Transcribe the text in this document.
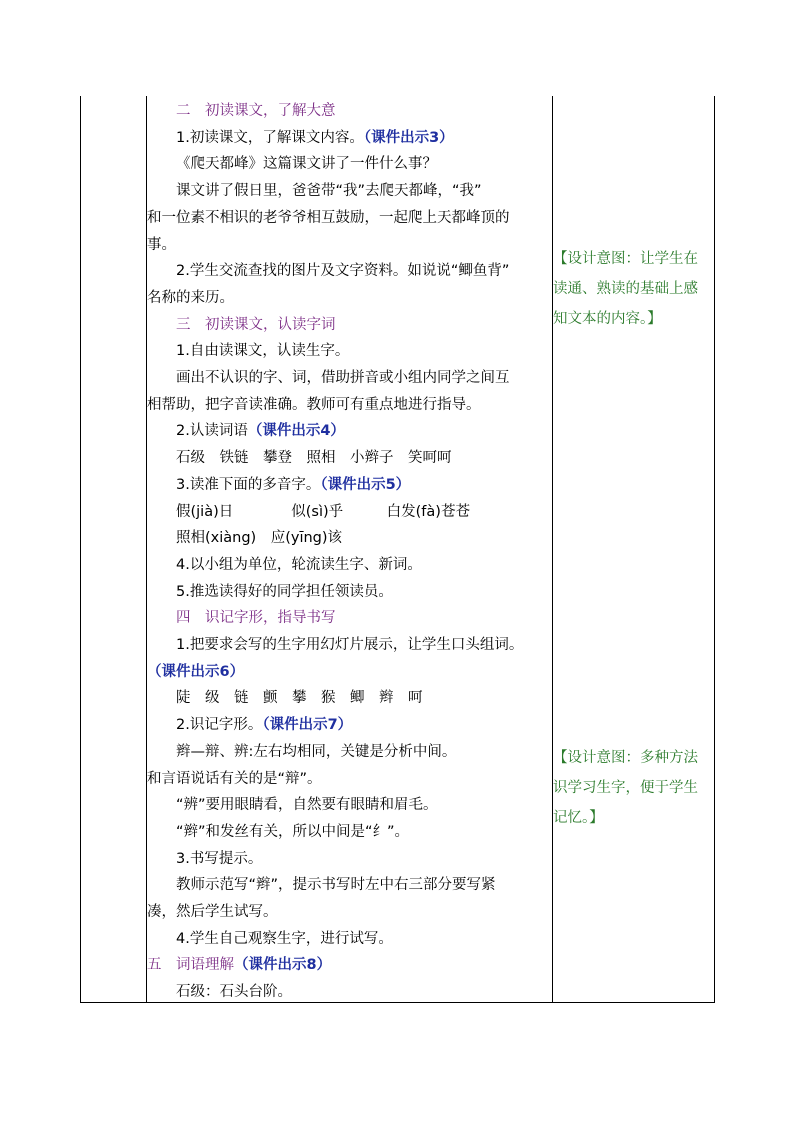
二　初读课文，了解大意
1.初读课文，了解课文内容。（课件出示3）
《爬天都峰》这篇课文讲了一件什么事？
课文讲了假日里，爸爸带“我”去爬天都峰，“我”
和一位素不相识的老爷爷相互鼓励，一起爬上天都峰顶的
事。
2.学生交流查找的图片及文字资料。如说说“鲫鱼背”
名称的来历。
三　初读课文，认读字词
1.自由读课文，认读生字。
画出不认识的字、词，借助拼音或小组内同学之间互
相帮助，把字音读准确。教师可有重点地进行指导。
2.认读词语（课件出示4）
石级　铁链　攀登　照相　小辫子　笑呵呵
3.读准下面的多音字。（课件出示5）
假(jià)日　　　　似(sì)乎　　　白发(fà)苍苍
照相(xiàng)　应(yīng)该
4.以小组为单位，轮流读生字、新词。
5.推选读得好的同学担任领读员。
四　识记字形，指导书写
1.把要求会写的生字用幻灯片展示，让学生口头组词。
（课件出示6）
陡　级　链　颤　攀　猴　鲫　辫　呵
2.识记字形。（课件出示7）
辫—辩、辨:左右均相同，关键是分析中间。
和言语说话有关的是“辩”。
“辨”要用眼睛看，自然要有眼睛和眉毛。
“辫”和发丝有关，所以中间是“纟”。
3.书写提示。
教师示范写“辫”，提示书写时左中右三部分要写紧
凑，然后学生试写。
4.学生自己观察生字，进行试写。
五　词语理解（课件出示8）
石级：石头台阶。
【设计意图：让学生在
读通、熟读的基础上感
知文本的内容。】
【设计意图：多种方法
识学习生字，便于学生
记忆。】
